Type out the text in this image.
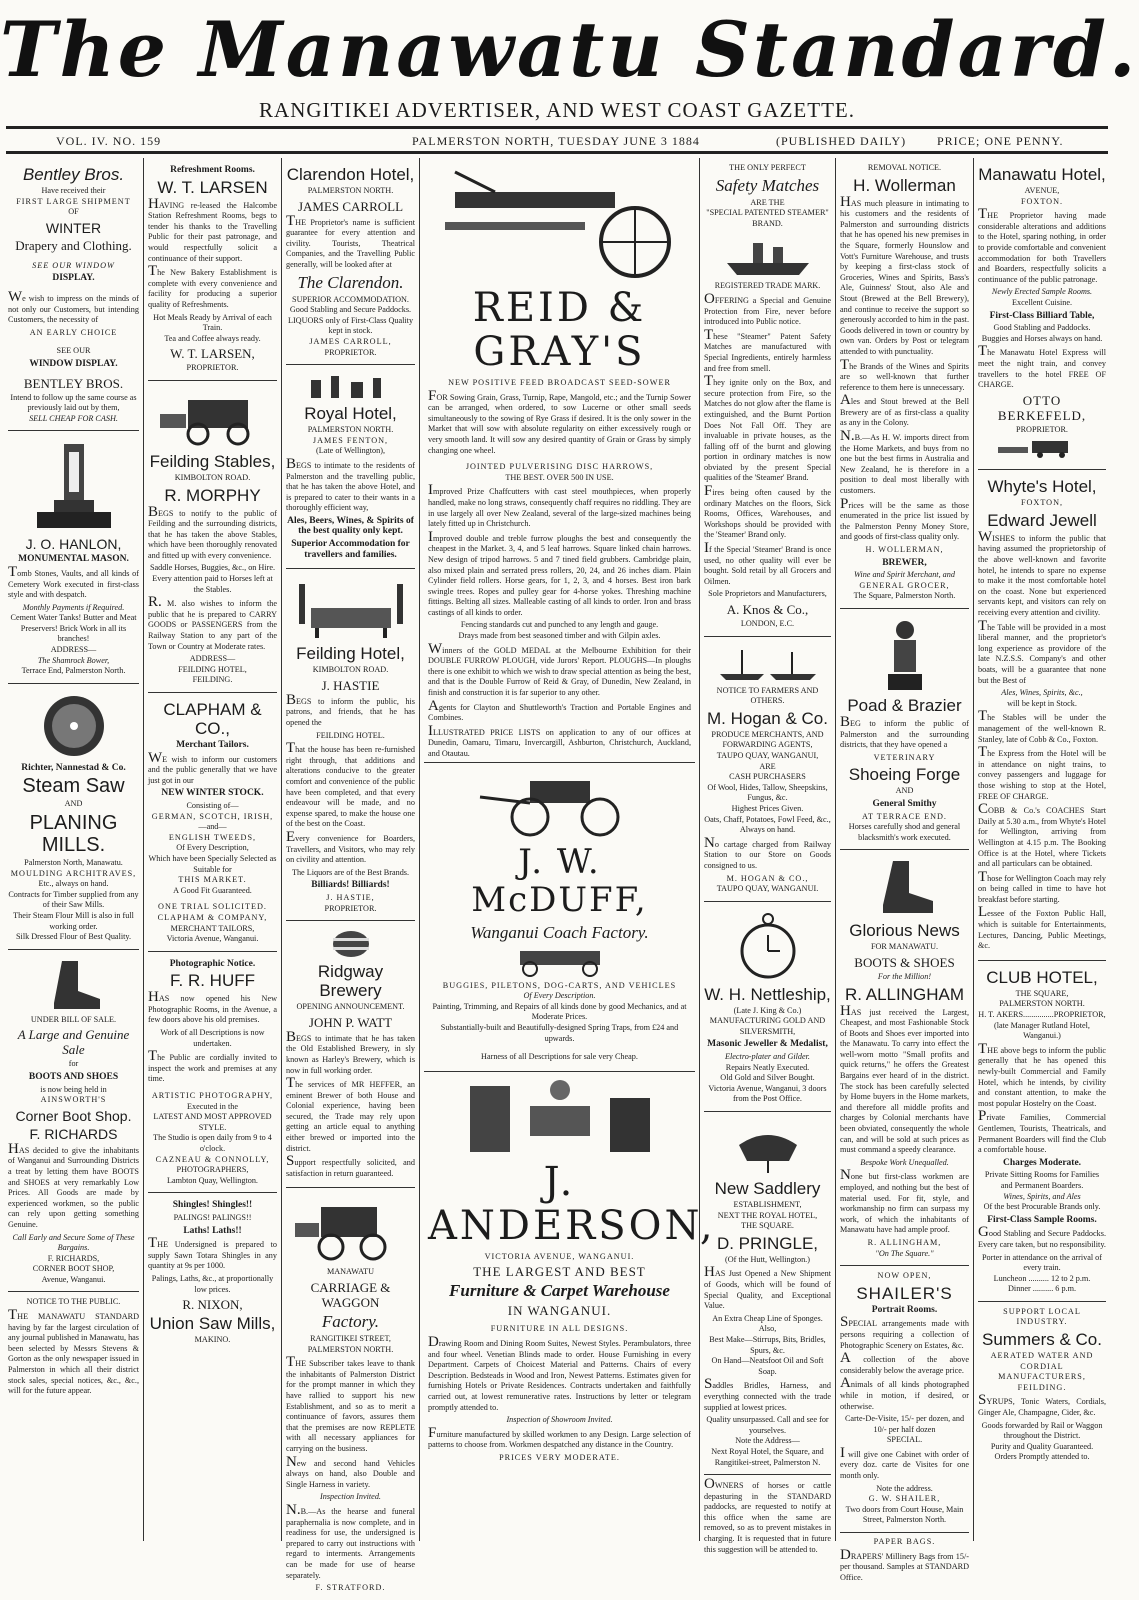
The Manawatu Standard.
RANGITIKEI ADVERTISER, AND WEST COAST GAZETTE.
VOL. IV. NO. 159	PALMERSTON NORTH, TUESDAY JUNE 3 1884	(PUBLISHED DAILY)	PRICE; ONE PENNY.
Bentley Bros.
Have received their
FIRST LARGE SHIPMENT
OF
WINTER
Drapery and Clothing.
SEE OUR WINDOW
DISPLAY.
We wish to impress on the minds of not only our Customers, but intending Customers, the necessity of
AN EARLY CHOICE
SEE OUR
WINDOW DISPLAY.
BENTLEY BROS.
Intend to follow up the same course as previously laid out by them,
SELL CHEAP FOR CASH.
J. O. HANLON,
MONUMENTAL MASON.
Tomb Stones, Vaults, and all kinds of Cemetery Work executed in first-class style and with despatch.
Monthly Payments if Required.
Cement Water Tanks! Butter and Meat Preservers! Brick Work in all its branches!
ADDRESS—
The Shamrock Bower,
Terrace End, Palmerston North.
Richter, Nannestad & Co.
Steam Saw
AND
PLANING MILLS.
Palmerston North, Manawatu.
MOULDING ARCHITRAVES,
Etc., always on hand.
Contracts for Timber supplied from any of their Saw Mills.
Their Steam Flour Mill is also in full working order.
Silk Dressed Flour of Best Quality.
UNDER BILL OF SALE.
A Large and Genuine Sale
for
BOOTS AND SHOES
is now being held in
AINSWORTH'S
Corner Boot Shop.
F. RICHARDS
HAS decided to give the inhabitants of Wanganui and Surrounding Districts a treat by letting them have BOOTS and SHOES at very remarkably Low Prices. All Goods are made by experienced workmen, so the public can rely upon getting something Genuine.
Call Early and Secure Some of These Bargains.
F. RICHARDS,
CORNER BOOT SHOP,
Avenue, Wanganui.
NOTICE TO THE PUBLIC.
THE MANAWATU STANDARD having by far the largest circulation of any journal published in Manawatu, has been selected by Messrs Stevens & Gorton as the only newspaper issued in Palmerston in which all their district stock sales, special notices, &c., &c., will for the future appear.
Refreshment Rooms.
W. T. LARSEN
HAVING re-leased the Halcombe Station Refreshment Rooms, begs to tender his thanks to the Travelling Public for their past patronage, and would respectfully solicit a continuance of their support.
The New Bakery Establishment is complete with every convenience and facility for producing a superior quality of Refreshments.
Hot Meals Ready by Arrival of each Train.
Tea and Coffee always ready.
W. T. LARSEN,
PROPRIETOR.
Feilding Stables,
KIMBOLTON ROAD.
R. MORPHY
BEGS to notify to the public of Feilding and the surrounding districts, that he has taken the above Stables, which have been thoroughly renovated and fitted up with every convenience.
Saddle Horses, Buggies, &c., on Hire.
Every attention paid to Horses left at the Stables.
R. M. also wishes to inform the public that he is prepared to CARRY GOODS or PASSENGERS from the Railway Station to any part of the Town or Country at Moderate rates.
ADDRESS—
FEILDING HOTEL,
FEILDING.
CLAPHAM & CO.,
Merchant Tailors.
WE wish to inform our customers and the public generally that we have just got in our
NEW WINTER STOCK.
Consisting of—
GERMAN, SCOTCH, IRISH,
—and—
ENGLISH TWEEDS,
Of Every Description,
Which have been Specially Selected as Suitable for
THIS MARKET.
A Good Fit Guaranteed.
ONE TRIAL SOLICITED.
CLAPHAM & COMPANY,
MERCHANT TAILORS,
Victoria Avenue, Wanganui.
Photographic Notice.
F. R. HUFF
HAS now opened his New Photographic Rooms, in the Avenue, a few doors above his old premises.
Work of all Descriptions is now undertaken.
The Public are cordially invited to inspect the work and premises at any time.
ARTISTIC PHOTOGRAPHY,
Executed in the
LATEST AND MOST APPROVED STYLE.
The Studio is open daily from 9 to 4 o'clock.
CAZNEAU & CONNOLLY,
PHOTOGRAPHERS,
Lambton Quay, Wellington.
Shingles! Shingles!!
PALINGS! PALINGS!!
Laths! Laths!!
THE Undersigned is prepared to supply Sawn Totara Shingles in any quantity at 9s per 1000.
Palings, Laths, &c., at proportionally low prices.
R. NIXON,
Union Saw Mills,
MAKINO.
Clarendon Hotel,
PALMERSTON NORTH.
JAMES CARROLL
THE Proprietor's name is sufficient guarantee for every attention and civility. Tourists, Theatrical Companies, and the Travelling Public generally, will be looked after at
The Clarendon.
SUPERIOR ACCOMMODATION.
Good Stabling and Secure Paddocks.
LIQUORS only of First-Class Quality kept in stock.
JAMES CARROLL,
PROPRIETOR.
Royal Hotel,
PALMERSTON NORTH.
JAMES FENTON,
(Late of Wellington),
BEGS to intimate to the residents of Palmerston and the travelling public, that he has taken the above Hotel, and is prepared to cater to their wants in a thoroughly efficient way,
Ales, Beers, Wines, & Spirits of the best quality only kept.
Superior Accommodation for travellers and families.
Feilding Hotel,
KIMBOLTON ROAD.
J. HASTIE
BEGS to inform the public, his patrons, and friends, that he has opened the
FEILDING HOTEL.
That the house has been re-furnished right through, that additions and alterations conducive to the greater comfort and convenience of the public have been completed, and that every endeavour will be made, and no expense spared, to make the house one of the best on the Coast.
Every convenience for Boarders, Travellers, and Visitors, who may rely on civility and attention.
The Liquors are of the Best Brands.
Billiards! Billiards!
J. HASTIE,
PROPRIETOR.
Ridgway Brewery
OPENING ANNOUNCEMENT.
JOHN P. WATT
BEGS to intimate that he has taken the Old Established Brewery, in sly known as Harley's Brewery, which is now in full working order.
The services of MR HEFFER, an eminent Brewer of both House and Colonial experience, having been secured, the Trade may rely upon getting an article equal to anything either brewed or imported into the district.
Support respectfully solicited, and satisfaction in return guaranteed.
MANAWATU
CARRIAGE & WAGGON
Factory.
RANGITIKEI STREET, PALMERSTON NORTH.
THE Subscriber takes leave to thank the inhabitants of Palmerston District for the prompt manner in which they have rallied to support his new Establishment, and so as to merit a continuance of favors, assures them that the premises are now REPLETE with all necessary appliances for carrying on the business.
New and second hand Vehicles always on hand, also Double and Single Harness in variety.
Inspection Invited.
N.B.—As the hearse and funeral paraphernalia is now complete, and in readiness for use, the undersigned is prepared to carry out instructions with regard to interments. Arrangements can be made for use of hearse separately.
F. STRATFORD.
REID & GRAY'S
NEW POSITIVE FEED BROADCAST SEED-SOWER
FOR Sowing Grain, Grass, Turnip, Rape, Mangold, etc.; and the Turnip Sower can be arranged, when ordered, to sow Lucerne or other small seeds simultaneously to the sowing of Rye Grass if desired. It is the only sower in the Market that will sow with absolute regularity on either excessively rough or very smooth land. It will sow any desired quantity of Grain or Grass by simply changing one wheel.
JOINTED PULVERISING DISC HARROWS,
THE BEST. OVER 500 IN USE.
Improved Prize Chaffcutters with cast steel mouthpieces, when properly handled, make no long straws, consequently chaff requires no riddling. They are in use largely all over New Zealand, several of the large-sized machines being lately fitted up in Christchurch.
Improved double and treble furrow ploughs the best and consequently the cheapest in the Market. 3, 4, and 5 leaf harrows. Square linked chain harrows. New design of tripod harrows. 5 and 7 tined field grubbers. Cambridge plain, also mixed plain and serrated press rollers, 20, 24, and 26 inches diam. Plain Cylinder field rollers. Horse gears, for 1, 2, 3, and 4 horses. Best iron bark swingle trees. Ropes and pulley gear for 4-horse yokes. Threshing machine fittings. Belting all sizes. Malleable casting of all kinds to order. Iron and brass castings of all kinds to order.
Fencing standards cut and punched to any length and gauge.
Drays made from best seasoned timber and with Gilpin axles.
Winners of the GOLD MEDAL at the Melbourne Exhibition for their DOUBLE FURROW PLOUGH, vide Jurors' Report. PLOUGHS—In ploughs there is one exhibit to which we wish to draw special attention as being the best, and that is the Double Furrow of Reid & Gray, of Dunedin, New Zealand, in finish and construction it is far superior to any other.
Agents for Clayton and Shuttleworth's Traction and Portable Engines and Combines.
ILLUSTRATED PRICE LISTS on application to any of our offices at Dunedin, Oamaru, Timaru, Invercargill, Ashburton, Christchurch, Auckland, and Otautau.
J. W. McDUFF,
Wanganui Coach Factory.
BUGGIES, PILETONS, DOG-CARTS, AND VEHICLES
Of Every Description.
Painting, Trimming, and Repairs of all kinds done by good Mechanics, and at Moderate Prices.
Substantially-built and Beautifully-designed Spring Traps, from £24 and upwards.
Harness of all Descriptions for sale very Cheap.
J. ANDERSON,
VICTORIA AVENUE, WANGANUI.
THE LARGEST AND BEST
Furniture & Carpet Warehouse
IN WANGANUI.
FURNITURE IN ALL DESIGNS.
Drawing Room and Dining Room Suites, Newest Styles. Perambulators, three and four wheel. Venetian Blinds made to order. House Furnishing in every Department. Carpets of Choicest Material and Patterns. Chairs of every Description. Bedsteads in Wood and Iron, Newest Patterns. Estimates given for furnishing Hotels or Private Residences. Contracts undertaken and faithfully carried out, at lowest remunerative rates. Instructions by letter or telegram promptly attended to.
Inspection of Showroom Invited.
Furniture manufactured by skilled workmen to any Design. Large selection of patterns to choose from. Workmen despatched any distance in the Country.
PRICES VERY MODERATE.
THE ONLY PERFECT
Safety Matches
ARE THE
"SPECIAL PATENTED STEAMER"
BRAND.
REGISTERED TRADE MARK.
OFFERING a Special and Genuine Protection from Fire, never before introduced into Public notice.
These "Steamer" Patent Safety Matches are manufactured with Special Ingredients, entirely harmless and free from smell.
They ignite only on the Box, and secure protection from Fire, so the Matches do not glow after the flame is extinguished, and the Burnt Portion Does Not Fall Off. They are invaluable in private houses, as the falling off of the burnt and glowing portion in ordinary matches is now obviated by the present Special qualities of the 'Steamer' Brand.
Fires being often caused by the ordinary Matches on the floors, Sick Rooms, Offices, Warehouses, and Workshops should be provided with the 'Steamer' Brand only.
If the Special 'Steamer' Brand is once used, no other quality will ever be bought. Sold retail by all Grocers and Oilmen.
Sole Proprietors and Manufacturers,
A. Knos & Co.,
LONDON, E.C.
NOTICE TO FARMERS AND OTHERS.
M. Hogan & Co.
PRODUCE MERCHANTS, AND FORWARDING AGENTS,
TAUPO QUAY, WANGANUI,
ARE
CASH PURCHASERS
Of Wool, Hides, Tallow, Sheepskins, Fungus, &c.
Highest Prices Given.
Oats, Chaff, Potatoes, Fowl Feed, &c., Always on hand.
No cartage charged from Railway Station to our Store on Goods consigned to us.
M. HOGAN & CO.,
TAUPO QUAY, WANGANUI.
W. H. Nettleship,
(Late J. King & Co.)
MANUFACTURING GOLD AND SILVERSMITH,
Masonic Jeweller & Medalist,
Electro-plater and Gilder.
Repairs Neatly Executed.
Old Gold and Silver Bought.
Victoria Avenue, Wanganui, 3 doors from the Post Office.
New Saddlery
ESTABLISHMENT,
NEXT THE ROYAL HOTEL,
THE SQUARE.
D. PRINGLE,
(Of the Hutt, Wellington.)
HAS Just Opened a New Shipment of Goods, which will be found of Special Quality, and Exceptional Value.
An Extra Cheap Line of Sponges.
Also,
Best Make—Stirrups, Bits, Bridles, Spurs, &c.
On Hand—Neatsfoot Oil and Soft Soap.
Saddles Bridles, Harness, and everything connected with the trade supplied at lowest prices.
Quality unsurpassed. Call and see for yourselves.
Note the Address—
Next Royal Hotel, the Square, and Rangitikei-street, Palmerston N.
OWNERS of horses or cattle depasturing in the STANDARD paddocks, are requested to notify at this office when the same are removed, so as to prevent mistakes in charging. It is requested that in future this suggestion will be attended to.
REMOVAL NOTICE.
H. Wollerman
HAS much pleasure in intimating to his customers and the residents of Palmerston and surrounding districts that he has opened his new premises in the Square, formerly Hounslow and Vott's Furniture Warehouse, and trusts by keeping a first-class stock of Groceries, Wines and Spirits, Bass's Ale, Guinness' Stout, also Ale and Stout (Brewed at the Bell Brewery), and continue to receive the support so generously accorded to him in the past. Goods delivered in town or country by own van. Orders by Post or telegram attended to with punctuality.
The Brands of the Wines and Spirits are so well-known that further reference to them here is unnecessary.
Ales and Stout brewed at the Bell Brewery are of as first-class a quality as any in the Colony.
N.B.—As H. W. imports direct from the Home Markets, and buys from no one but the best firms in Australia and New Zealand, he is therefore in a position to deal most liberally with customers.
Prices will be the same as those enumerated in the price list issued by the Palmerston Penny Money Store, and goods of first-class quality only.
H. WOLLERMAN,
BREWER,
Wine and Spirit Merchant, and
GENERAL GROCER,
The Square, Palmerston North.
Poad & Brazier
BEG to inform the public of Palmerston and the surrounding districts, that they have opened a
VETERINARY
Shoeing Forge
AND
General Smithy
AT TERRACE END.
Horses carefully shod and general blacksmith's work executed.
Glorious News
FOR MANAWATU.
BOOTS & SHOES
For the Million!
R. ALLINGHAM
HAS just received the Largest, Cheapest, and most Fashionable Stock of Boots and Shoes ever imported into the Manawatu. To carry into effect the well-worn motto "Small profits and quick returns," he offers the Greatest Bargains ever heard of in the district. The stock has been carefully selected by Home buyers in the Home markets, and therefore all middle profits and charges by Colonial merchants have been obviated, consequently the whole can, and will be sold at such prices as must command a speedy clearance.
Bespoke Work Unequalled.
None but first-class workmen are employed, and nothing but the best of material used. For fit, style, and workmanship no firm can surpass my work, of which the inhabitants of Manawatu have had ample proof.
R. ALLINGHAM,
"On The Square."
NOW OPEN,
SHAILER'S
Portrait Rooms.
SPECIAL arrangements made with persons requiring a collection of Photographic Scenery on Estates, &c.
A collection of the above considerably below the average price.
Animals of all kinds photographed while in motion, if desired, or otherwise.
Carte-De-Visite, 15/- per dozen, and 10/- per half dozen
SPECIAL.
I will give one Cabinet with order of every doz. carte de Visites for one month only.
Note the address.
G. W. SHAILER,
Two doors from Court House, Main Street, Palmerston North.
PAPER BAGS.
DRAPERS' Millinery Bags from 15/- per thousand. Samples at STANDARD Office.
Manawatu Hotel,
AVENUE,
FOXTON.
THE Proprietor having made considerable alterations and additions to the Hotel, sparing nothing, in order to provide comfortable and convenient accommodation for both Travellers and Boarders, respectfully solicits a continuance of the public patronage.
Newly Erected Sample Rooms.
Excellent Cuisine.
First-Class Billiard Table,
Good Stabling and Paddocks.
Buggies and Horses always on hand.
The Manawatu Hotel Express will meet the night train, and convey travellers to the hotel FREE OF CHARGE.
OTTO BERKEFELD,
PROPRIETOR.
Whyte's Hotel,
FOXTON,
Edward Jewell
WISHES to inform the public that having assumed the proprietorship of the above well-known and favorite hotel, he intends to spare no expense to make it the most comfortable hotel on the coast. None but experienced servants kept, and visitors can rely on receiving every attention and civility.
The Table will be provided in a most liberal manner, and the proprietor's long experience as providore of the late N.Z.S.S. Company's and other boats, will be a guarantee that none but the Best of
Ales, Wines, Spirits, &c.,
will be kept in Stock.
The Stables will be under the management of the well-known R. Stanley, late of Cobb & Co., Foxton.
The Express from the Hotel will be in attendance on night trains, to convey passengers and luggage for those wishing to stop at the Hotel, FREE OF CHARGE.
COBB & Co.'s COACHES Start Daily at 5.30 a.m., from Whyte's Hotel for Wellington, arriving from Wellington at 4.15 p.m. The Booking Office is at the Hotel, where Tickets and all particulars can be obtained.
Those for Wellington Coach may rely on being called in time to have hot breakfast before starting.
Lessee of the Foxton Public Hall, which is suitable for Entertainments, Lectures, Dancing, Public Meetings, &c.
CLUB HOTEL,
THE SQUARE,
PALMERSTON NORTH.
H. T. AKERS...............PROPRIETOR,
(late Manager Rutland Hotel, Wanganui.)
THE above begs to inform the public generally that he has opened this newly-built Commercial and Family Hotel, which he intends, by civility and constant attention, to make the most popular Hostelry on the Coast.
Private Families, Commercial Gentlemen, Tourists, Theatricals, and Permanent Boarders will find the Club a comfortable house.
Charges Moderate.
Private Sitting Rooms for Families and Permanent Boarders.
Wines, Spirits, and Ales
Of the best Procurable Brands only.
First-Class Sample Rooms.
Good Stabling and Secure Paddocks. Every care taken, but no responsibility.
Porter in attendance on the arrival of every train.
Luncheon .......... 12 to 2 p.m.
Dinner .......... 6 p.m.
SUPPORT LOCAL INDUSTRY.
Summers & Co.
AERATED WATER AND CORDIAL MANUFACTURERS,
FEILDING.
SYRUPS, Tonic Waters, Cordials, Ginger Ale, Champagne, Cider, &c.
Goods forwarded by Rail or Waggon throughout the District.
Purity and Quality Guaranteed.
Orders Promptly attended to.
